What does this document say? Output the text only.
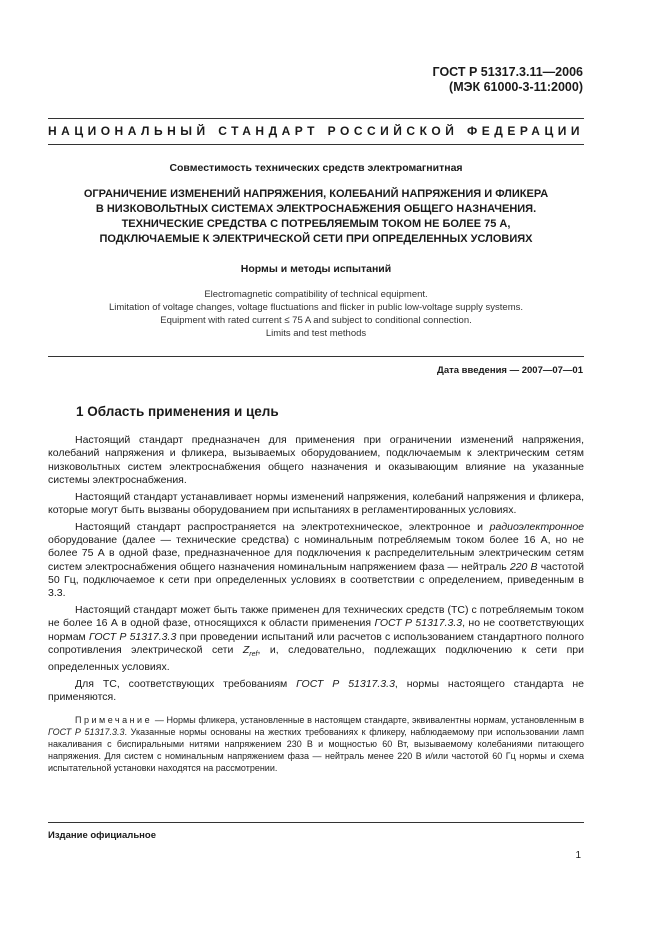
ГОСТ Р 51317.3.11—2006
(МЭК 61000-3-11:2000)
НАЦИОНАЛЬНЫЙ СТАНДАРТ РОССИЙСКОЙ ФЕДЕРАЦИИ
Совместимость технических средств электромагнитная
ОГРАНИЧЕНИЕ ИЗМЕНЕНИЙ НАПРЯЖЕНИЯ, КОЛЕБАНИЙ НАПРЯЖЕНИЯ И ФЛИКЕРА
В НИЗКОВОЛЬТНЫХ СИСТЕМАХ ЭЛЕКТРОСНАБЖЕНИЯ ОБЩЕГО НАЗНАЧЕНИЯ.
ТЕХНИЧЕСКИЕ СРЕДСТВА С ПОТРЕБЛЯЕМЫМ ТОКОМ НЕ БОЛЕЕ 75 А,
ПОДКЛЮЧАЕМЫЕ К ЭЛЕКТРИЧЕСКОЙ СЕТИ ПРИ ОПРЕДЕЛЕННЫХ УСЛОВИЯХ
Нормы и методы испытаний
Electromagnetic compatibility of technical equipment.
Limitation of voltage changes, voltage fluctuations and flicker in public low-voltage supply systems.
Equipment with rated current ≤ 75 A and subject to conditional connection.
Limits and test methods
Дата введения — 2007—07—01
1 Область применения и цель

Настоящий стандарт предназначен для применения при ограничении изменений напряжения, колебаний напряжения и фликера, вызываемых оборудованием, подключаемым к электрическим сетям низковольтных систем электроснабжения общего назначения и оказывающим влияние на указанные системы электроснабжения.

Настоящий стандарт устанавливает нормы изменений напряжения, колебаний напряжения и фликера, которые могут быть вызваны оборудованием при испытаниях в регламентированных условиях.

Настоящий стандарт распространяется на электротехническое, электронное и радиоэлектронное оборудование (далее — технические средства) с номинальным потребляемым током более 16 А, но не более 75 А в одной фазе, предназначенное для подключения к распределительным электрическим сетям систем электроснабжения общего назначения номинальным напряжением фаза — нейтраль 220 В частотой 50 Гц, подключаемое к сети при определенных условиях в соответствии с определением, приведенным в 3.3.

Настоящий стандарт может быть также применен для технических средств (ТС) с потребляемым током не более 16 А в одной фазе, относящихся к области применения ГОСТ Р 51317.3.3, но не соответствующих нормам ГОСТ Р 51317.3.3 при проведении испытаний или расчетов с использованием стандартного полного сопротивления электрической сети $Z_{ref}$, и, следовательно, подлежащих подключению к сети при определенных условиях.

Для ТС, соответствующих требованиям ГОСТ Р 51317.3.3, нормы настоящего стандарта не применяются.

Примечание — Нормы фликера, установленные в настоящем стандарте, эквивалентны нормам, установленным в ГОСТ Р 51317.3.3. Указанные нормы основаны на жестких требованиях к фликеру, наблюдаемому при использовании ламп накаливания с биспиральными нитями напряжением 230 В и мощностью 60 Вт, вызываемому колебаниями питающего напряжения. Для систем с номинальным напряжением фаза — нейтраль менее 220 В и/или частотой 60 Гц нормы и схема испытательной установки находятся на рассмотрении.

Издание официальное
1
